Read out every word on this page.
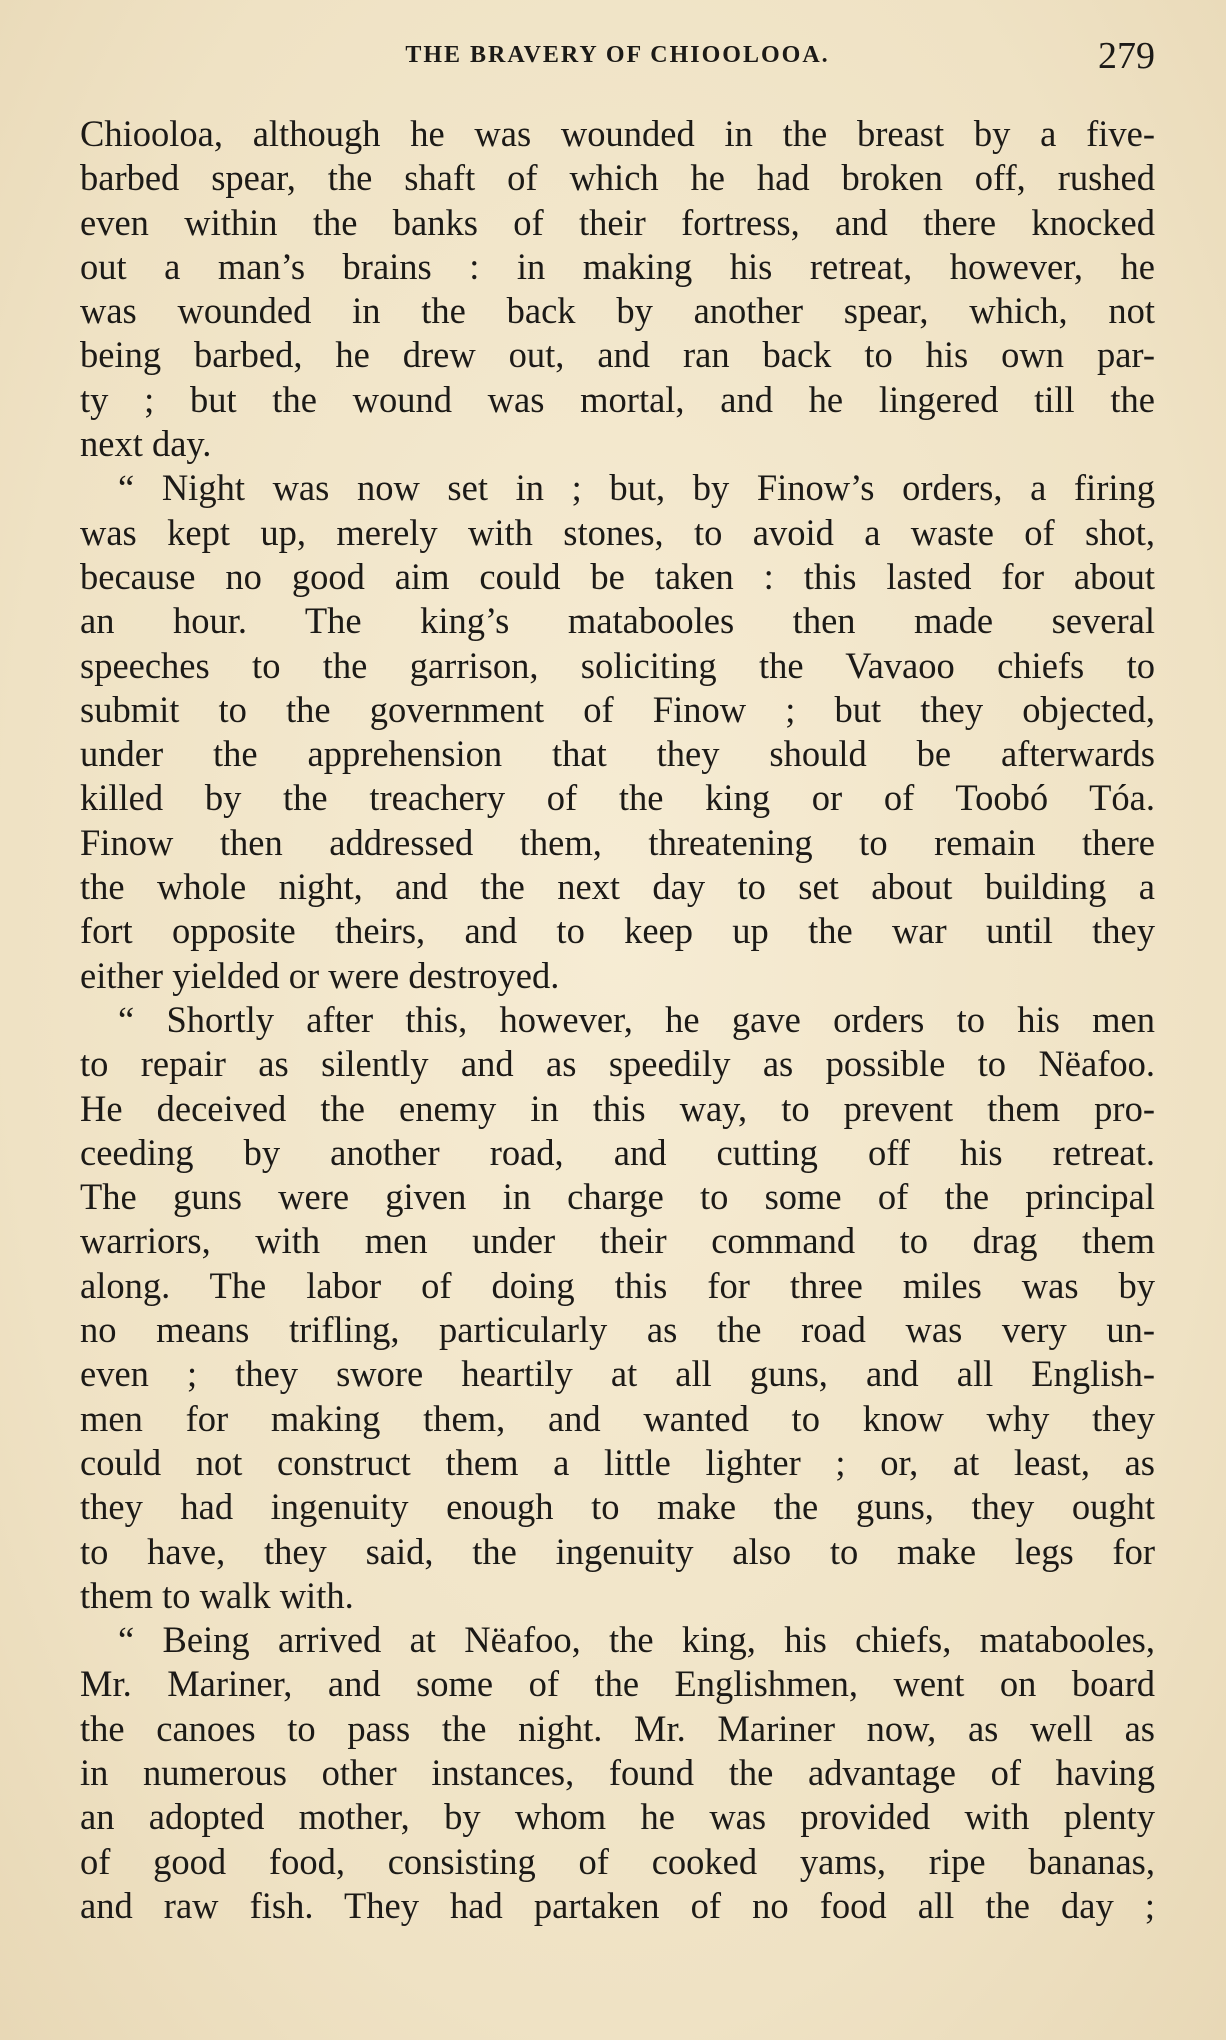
THE BRAVERY OF CHIOOLOOA.	279
Chiooloa, although he was wounded in the breast by a five-
barbed spear, the shaft of which he had broken off, rushed
even within the banks of their fortress, and there knocked
out a man’s brains : in making his retreat, however, he
was wounded in the back by another spear, which, not
being barbed, he drew out, and ran back to his own par-
ty ; but the wound was mortal, and he lingered till the
next day.
“ Night was now set in ; but, by Finow’s orders, a firing
was kept up, merely with stones, to avoid a waste of shot,
because no good aim could be taken : this lasted for about
an hour. The king’s matabooles then made several
speeches to the garrison, soliciting the Vavaoo chiefs to
submit to the government of Finow ; but they objected,
under the apprehension that they should be afterwards
killed by the treachery of the king or of Toobó Tóa.
Finow then addressed them, threatening to remain there
the whole night, and the next day to set about building a
fort opposite theirs, and to keep up the war until they
either yielded or were destroyed.
“ Shortly after this, however, he gave orders to his men
to repair as silently and as speedily as possible to Nëafoo.
He deceived the enemy in this way, to prevent them pro-
ceeding by another road, and cutting off his retreat.
The guns were given in charge to some of the principal
warriors, with men under their command to drag them
along. The labor of doing this for three miles was by
no means trifling, particularly as the road was very un-
even ; they swore heartily at all guns, and all English-
men for making them, and wanted to know why they
could not construct them a little lighter ; or, at least, as
they had ingenuity enough to make the guns, they ought
to have, they said, the ingenuity also to make legs for
them to walk with.
“ Being arrived at Nëafoo, the king, his chiefs, matabooles,
Mr. Mariner, and some of the Englishmen, went on board
the canoes to pass the night. Mr. Mariner now, as well as
in numerous other instances, found the advantage of having
an adopted mother, by whom he was provided with plenty
of good food, consisting of cooked yams, ripe bananas,
and raw fish. They had partaken of no food all the day ;
